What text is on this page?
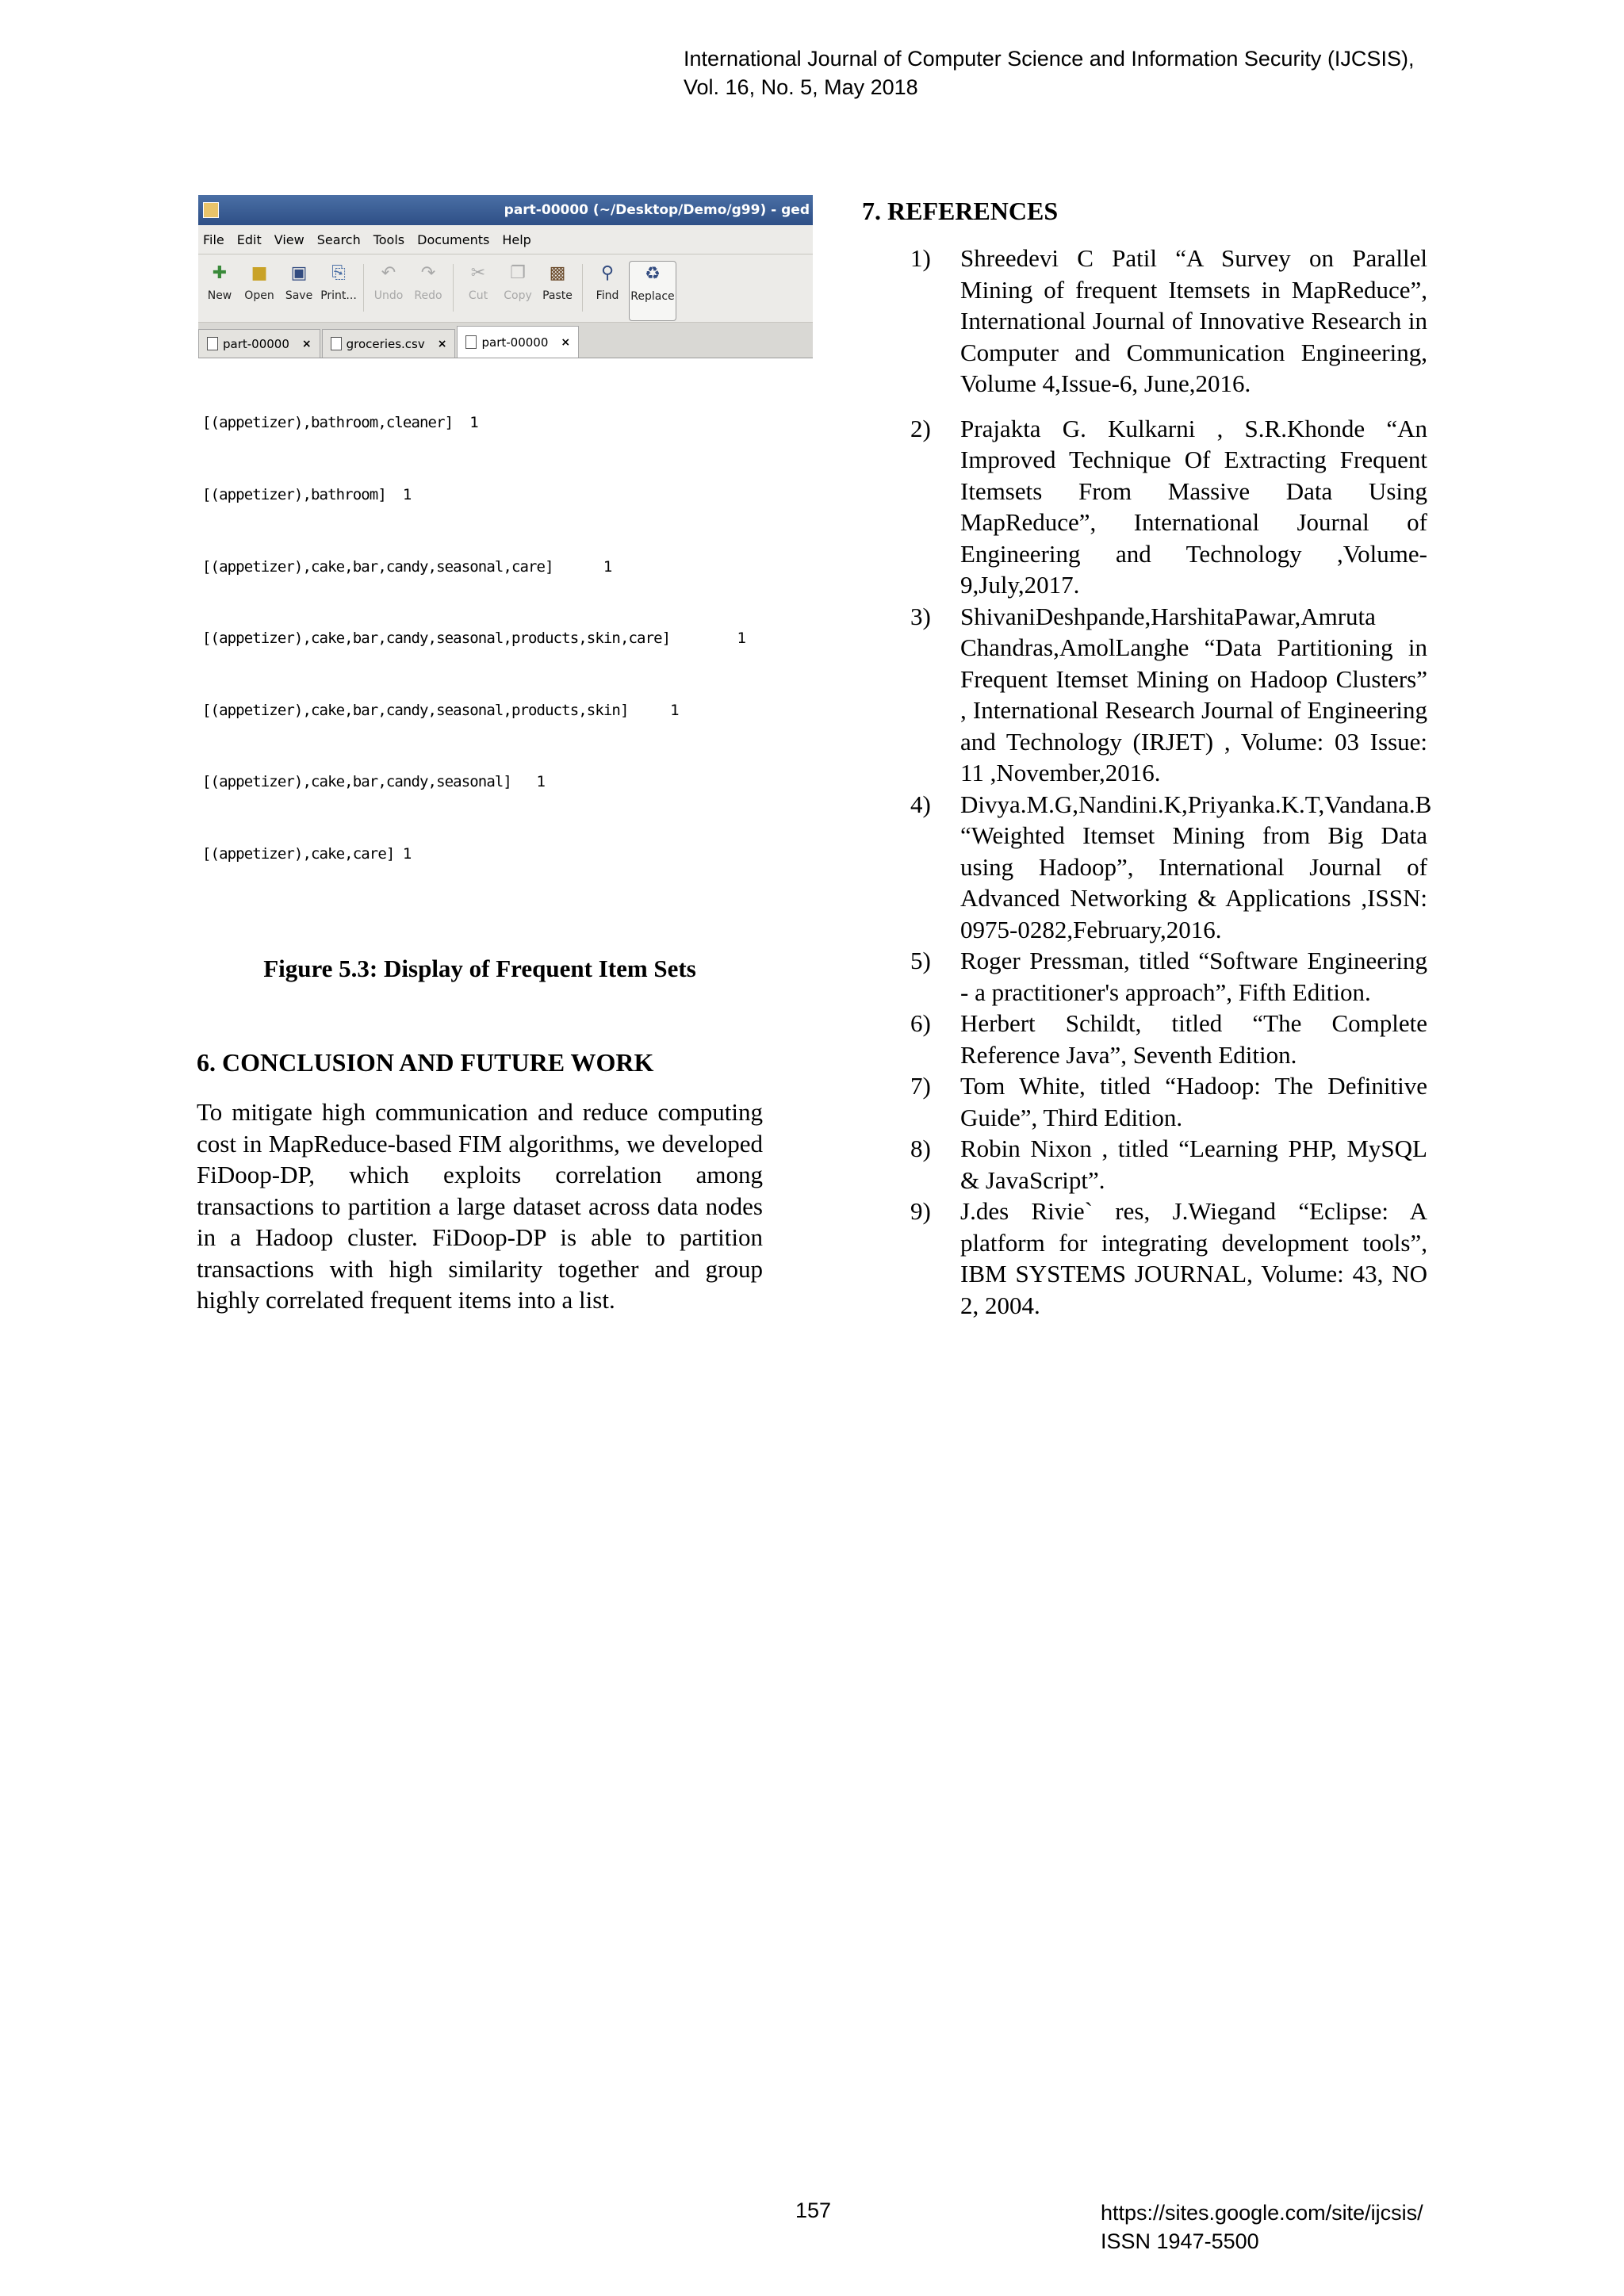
International Journal of Computer Science and Information Security (IJCSIS),
Vol. 16, No. 5, May 2018
part-00000 (~/Desktop/Demo/g99) - ged
File Edit View Search Tools Documents Help
✚
New
■
Open
▣
Save
⎘
Print...
↶
Undo
↷
Redo
✂
Cut
❐
Copy
▩
Paste
⚲
Find
♻
Replace
part-00000 ×	groceries.csv ×	part-00000 ×

[(appetizer),bathroom,cleaner]  1

[(appetizer),bathroom]  1

[(appetizer),cake,bar,candy,seasonal,care]      1

[(appetizer),cake,bar,candy,seasonal,products,skin,care]        1

[(appetizer),cake,bar,candy,seasonal,products,skin]     1

[(appetizer),cake,bar,candy,seasonal]   1

[(appetizer),cake,care] 1

Figure 5.3: Display of Frequent Item Sets
6. CONCLUSION AND FUTURE WORK

To mitigate high communication and reduce computing cost in MapReduce-based FIM algorithms, we developed FiDoop-DP, which exploits correlation among transactions to partition a large dataset across data nodes in a Hadoop cluster. FiDoop-DP is able to partition transactions with high similarity together and group highly correlated frequent items into a list.

7. REFERENCES
1) Shreedevi C Patil “A Survey on Parallel Mining of frequent Itemsets in MapReduce”, International Journal of Innovative Research in Computer and Communication Engineering, Volume 4,Issue-6, June,2016.
2) Prajakta G. Kulkarni , S.R.Khonde “An Improved Technique Of Extracting Frequent Itemsets From Massive Data Using MapReduce”, International Journal of Engineering and Technology ,Volume-9,July,2017.
3) ShivaniDeshpande,HarshitaPawar,Amruta Chandras,AmolLanghe “Data Partitioning in Frequent Itemset Mining on Hadoop Clusters” , International Research Journal of Engineering and Technology (IRJET) , Volume: 03 Issue: 11 ,November,2016.
4) Divya.M.G,Nandini.K,Priyanka.K.T,Vandana.B “Weighted Itemset Mining from Big Data using Hadoop”, International Journal of Advanced Networking & Applications ,ISSN: 0975-0282,February,2016.
5) Roger Pressman, titled “Software Engineering - a practitioner's approach”, Fifth Edition.
6) Herbert Schildt, titled “The Complete Reference Java”, Seventh Edition.
7) Tom White, titled “Hadoop: The Definitive Guide”, Third Edition.
8) Robin Nixon , titled “Learning PHP, MySQL & JavaScript”.
9) J.des Rivie` res, J.Wiegand “Eclipse: A platform for integrating development tools”, IBM SYSTEMS JOURNAL, Volume: 43, NO 2, 2004.
157	https://sites.google.com/site/ijcsis/
ISSN 1947-5500
